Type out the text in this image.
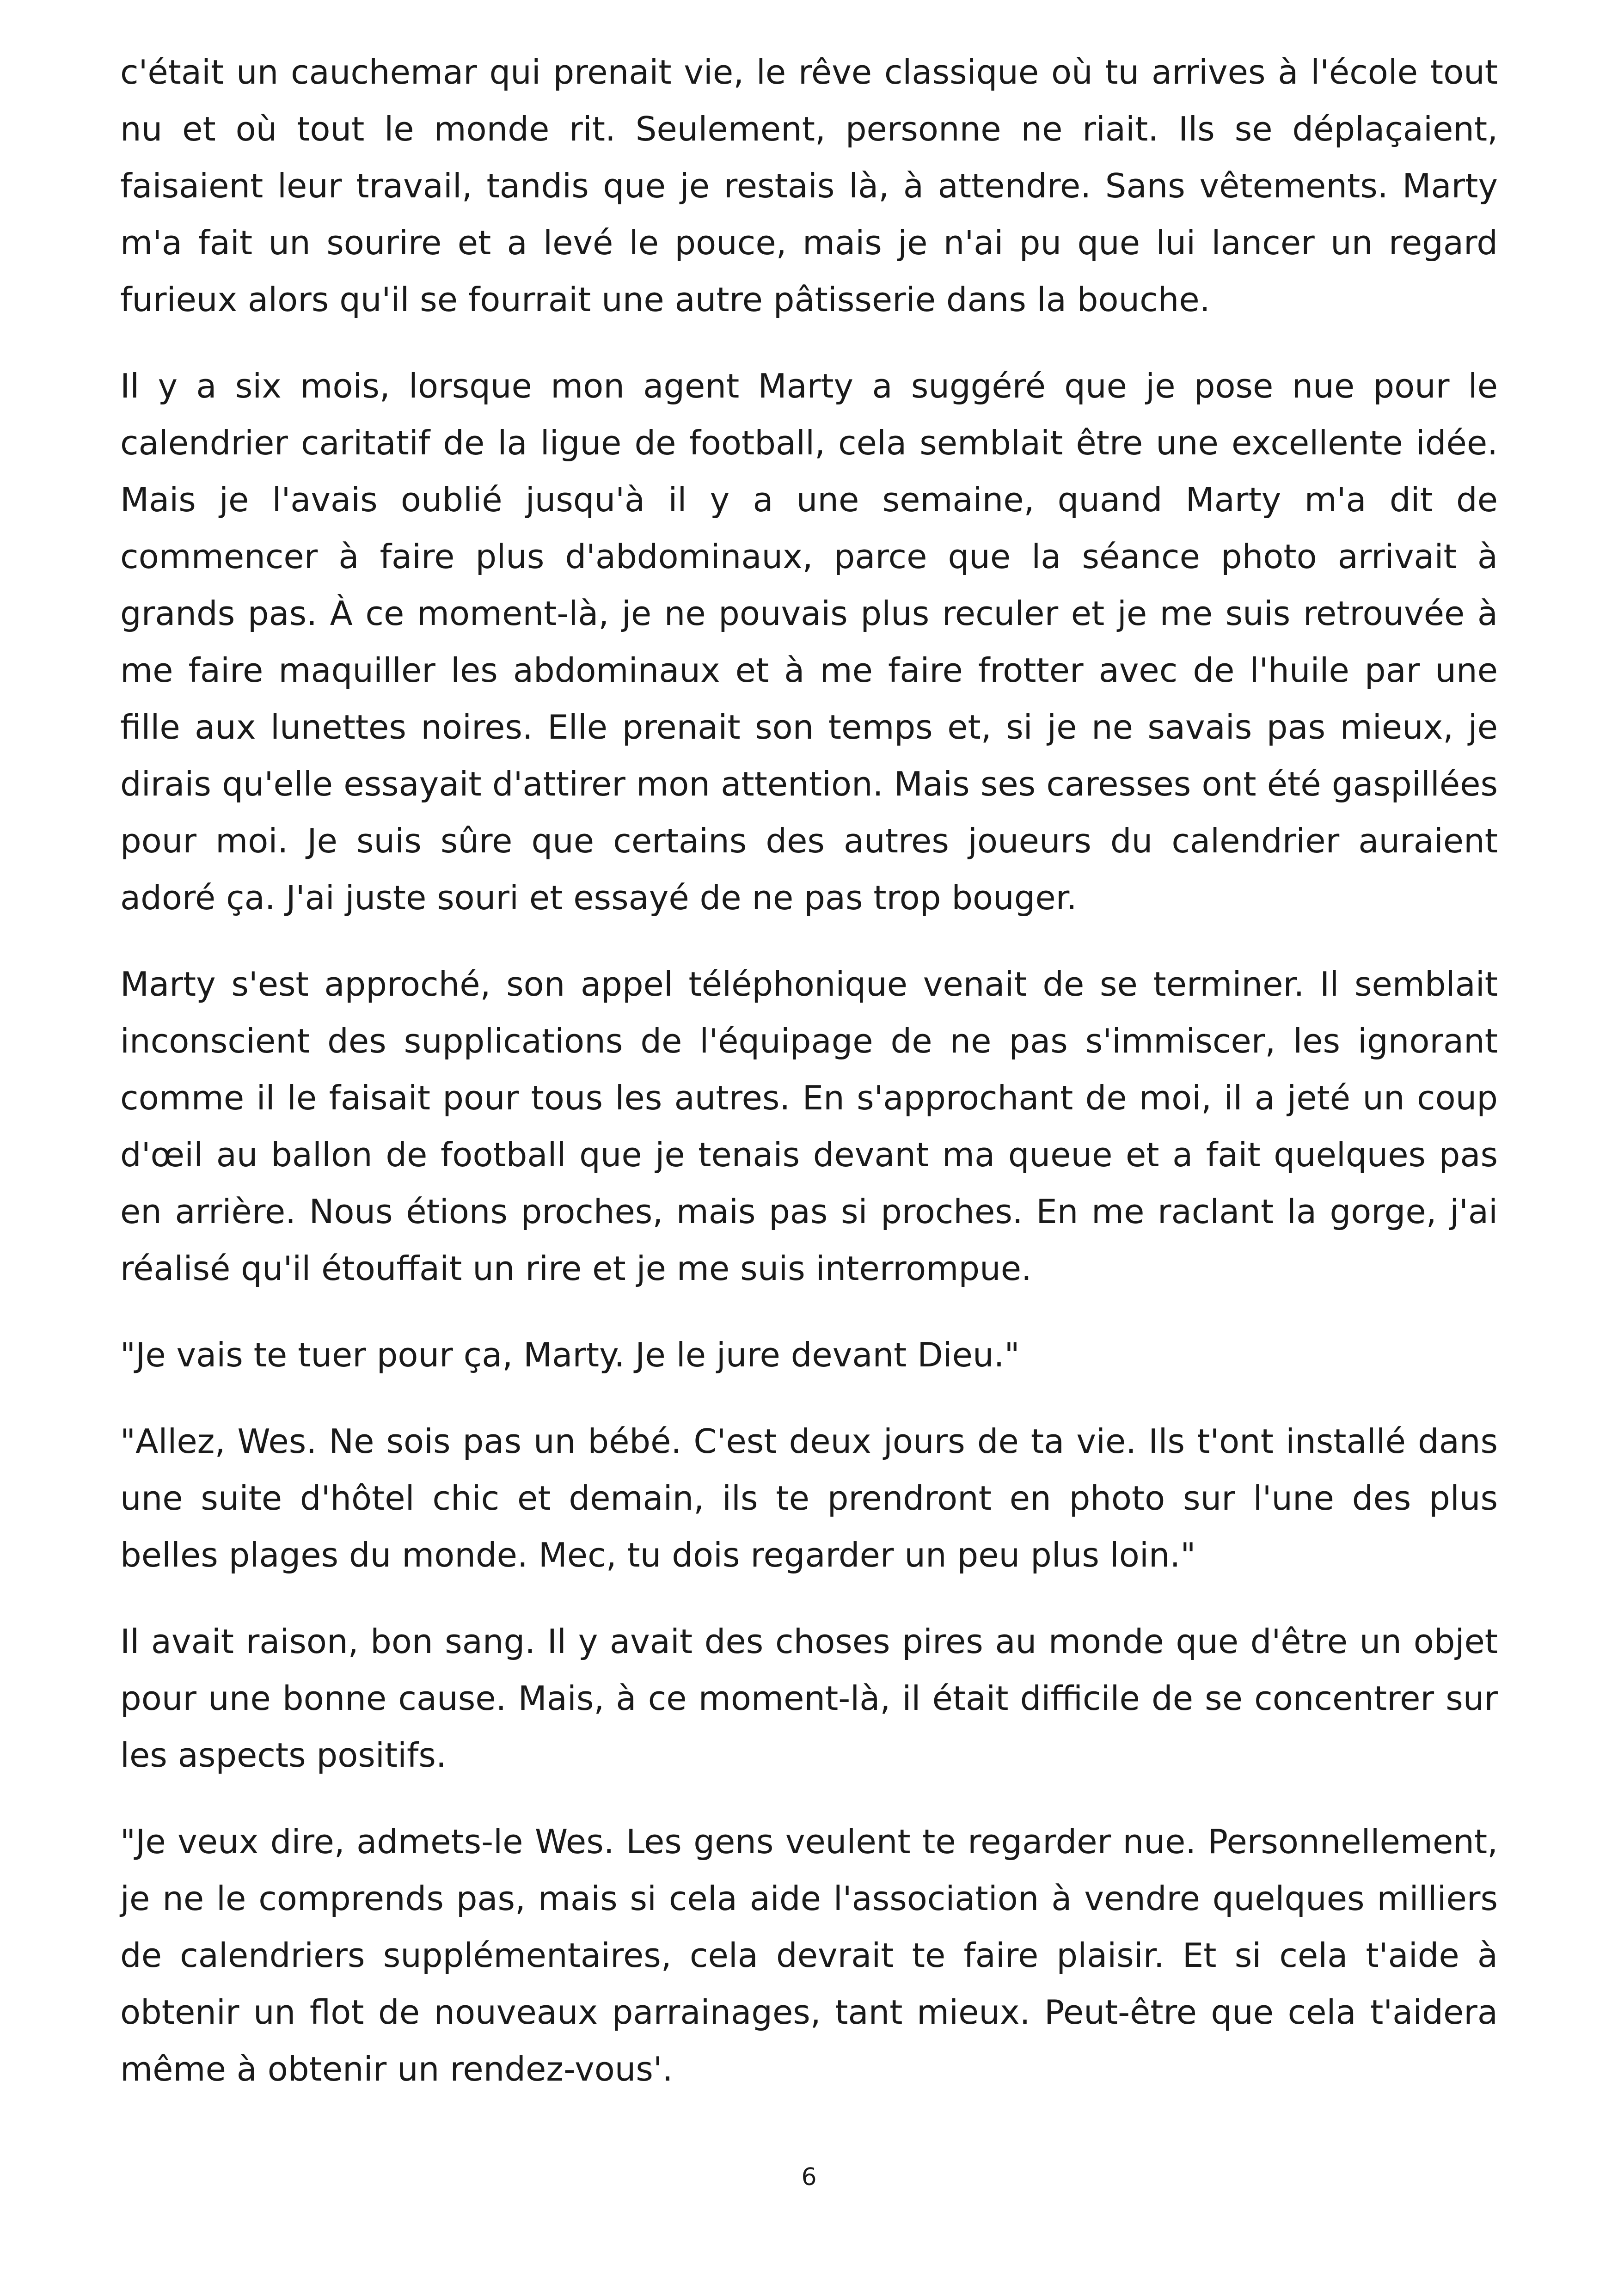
c'était un cauchemar qui prenait vie, le rêve classique où tu arrives à l'école tout nu et où tout le monde rit. Seulement, personne ne riait. Ils se déplaçaient, faisaient leur travail, tandis que je restais là, à attendre. Sans vêtements. Marty m'a fait un sourire et a levé le pouce, mais je n'ai pu que lui lancer un regard furieux alors qu'il se fourrait une autre pâtisserie dans la bouche.

Il y a six mois, lorsque mon agent Marty a suggéré que je pose nue pour le calendrier caritatif de la ligue de football, cela semblait être une excellente idée. Mais je l'avais oublié jusqu'à il y a une semaine, quand Marty m'a dit de commencer à faire plus d'abdominaux, parce que la séance photo arrivait à grands pas. À ce moment-là, je ne pouvais plus reculer et je me suis retrouvée à me faire maquiller les abdominaux et à me faire frotter avec de l'huile par une fille aux lunettes noires. Elle prenait son temps et, si je ne savais pas mieux, je dirais qu'elle essayait d'attirer mon attention. Mais ses caresses ont été gaspillées pour moi. Je suis sûre que certains des autres joueurs du calendrier auraient adoré ça. J'ai juste souri et essayé de ne pas trop bouger.

Marty s'est approché, son appel téléphonique venait de se terminer. Il semblait inconscient des supplications de l'équipage de ne pas s'immiscer, les ignorant comme il le faisait pour tous les autres. En s'approchant de moi, il a jeté un coup d'œil au ballon de football que je tenais devant ma queue et a fait quelques pas en arrière. Nous étions proches, mais pas si proches. En me raclant la gorge, j'ai réalisé qu'il étouffait un rire et je me suis interrompue.

"Je vais te tuer pour ça, Marty. Je le jure devant Dieu."

"Allez, Wes. Ne sois pas un bébé. C'est deux jours de ta vie. Ils t'ont installé dans une suite d'hôtel chic et demain, ils te prendront en photo sur l'une des plus belles plages du monde. Mec, tu dois regarder un peu plus loin."

Il avait raison, bon sang. Il y avait des choses pires au monde que d'être un objet pour une bonne cause. Mais, à ce moment-là, il était difficile de se concentrer sur les aspects positifs.

"Je veux dire, admets-le Wes. Les gens veulent te regarder nue. Personnellement, je ne le comprends pas, mais si cela aide l'association à vendre quelques milliers de calendriers supplémentaires, cela devrait te faire plaisir. Et si cela t'aide à obtenir un flot de nouveaux parrainages, tant mieux. Peut-être que cela t'aidera même à obtenir un rendez-vous'.

6
